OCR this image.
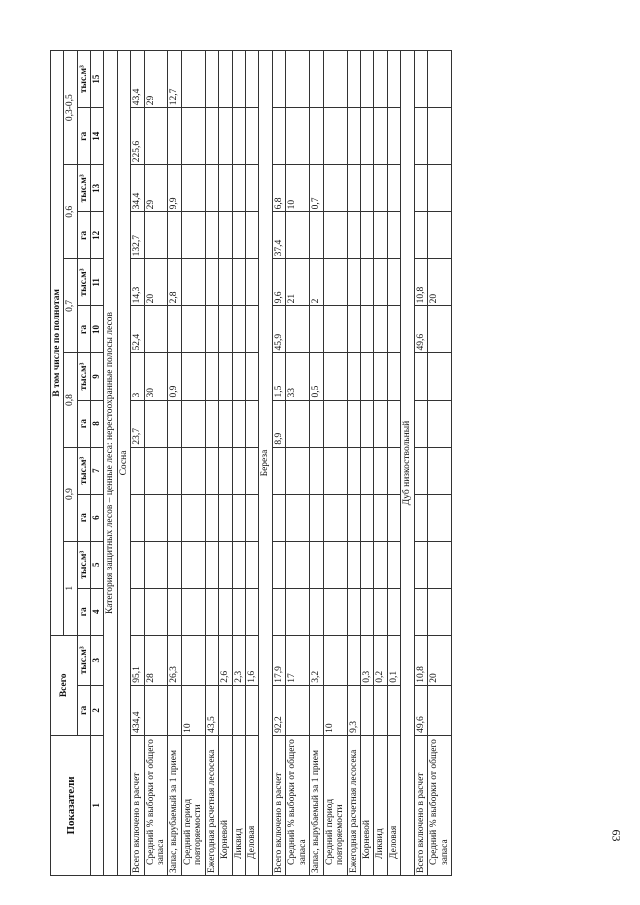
63
Показатели	Всего		В том числе по полнотам											
			1		0,9		0,8		0,7		0,6		0,3-0,5	
	га	тыс.м³	га	тыс.м³	га	тыс.м³	га	тыс.м³	га	тыс.м³	га	тыс.м³	га	тыс.м³
1	2	3	4	5	6	7	8	9	10	11	12	13	14	15
Категория защитных лесов – ценные леса: нерестоохранные полосы лесов														
Сосна														
Всего включено в расчет	434,4	95,1					23,7	3	52,4	14,3	132,7	34,4	225,6	43,4
Средний % выборки от общего запаса		28						30		20		29		29
Запас, вырубаемый за 1 прием		26,3						0,9		2,8		9,9		12,7
Средний период повторяемости	10													
Ежегодная расчетная лесосека	43,5													
Корневой		2,6												
Ликвид		2,3												
Деловая		1,6												
Береза														
Всего включено в расчет	92,2	17,9					8,9	1,5	45,9	9,6	37,4	6,8		
Средний % выборки от общего запаса		17						33		21		10		
Запас, вырубаемый за 1 прием		3,2						0,5		2		0,7		
Средний период повторяемости	10													
Ежегодная расчетная лесосека	9,3													
Корневой		0,3												
Ликвид		0,2												
Деловая		0,1												
Дуб низкоствольный														
Всего включено в расчет	49,6	10,8							49,6	10,8				
Средний % выборки от общего запаса		20								20				
